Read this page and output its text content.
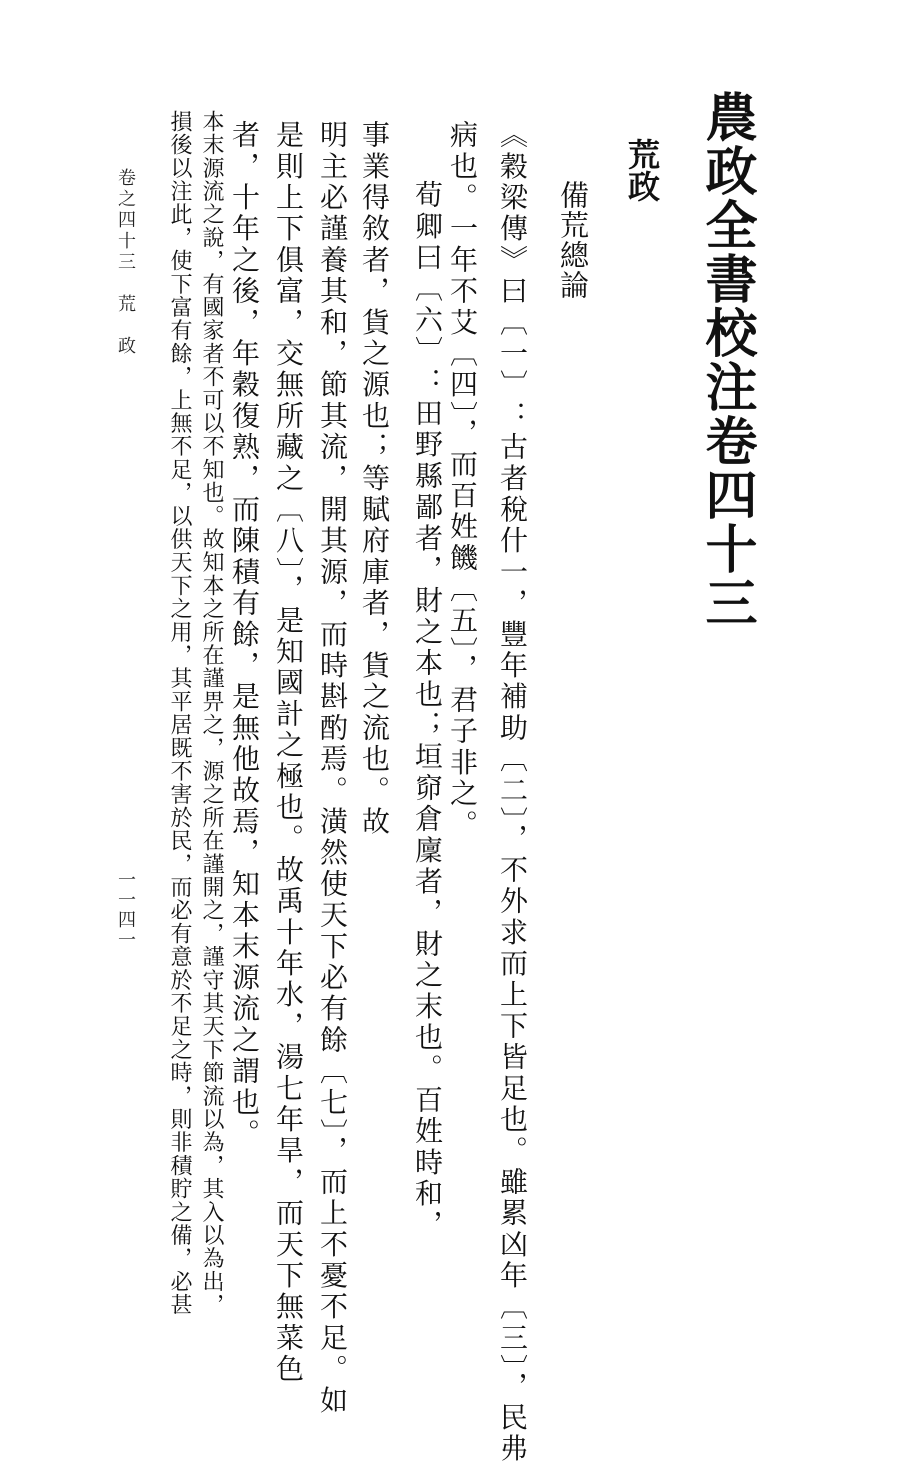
農政全書校注卷四十三
荒政
備荒總論
《穀梁傳》曰〔一〕：古者稅什一，豐年補助〔二〕，不外求而上下皆足也。雖累凶年〔三〕，民弗
病也。一年不艾〔四〕，而百姓饑〔五〕，君子非之。
荀卿曰〔六〕：田野縣鄙者，財之本也；垣窌倉廩者，財之末也。百姓時和，
事業得敘者，貨之源也；等賦府庫者，貨之流也。故
明主必謹養其和，節其流，開其源，而時斟酌焉。潢然使天下必有餘〔七〕，而上不憂不足。如
是則上下俱富，交無所藏之〔八〕，是知國計之極也。故禹十年水，湯七年旱，而天下無菜色
者，十年之後，年穀復熟，而陳積有餘，是無他故焉，知本末源流之謂也。
本末源流之說，有國家者不可以不知也。故知本之所在謹畀之，源之所在謹開之，謹守其天下節流以為，其入以為出，
損後以注此，使下富有餘，上無不足，以供天下之用，其平居既不害於民，而必有意於不足之時，則非積貯之備，必甚
卷之四十三　荒　政
一一四一
